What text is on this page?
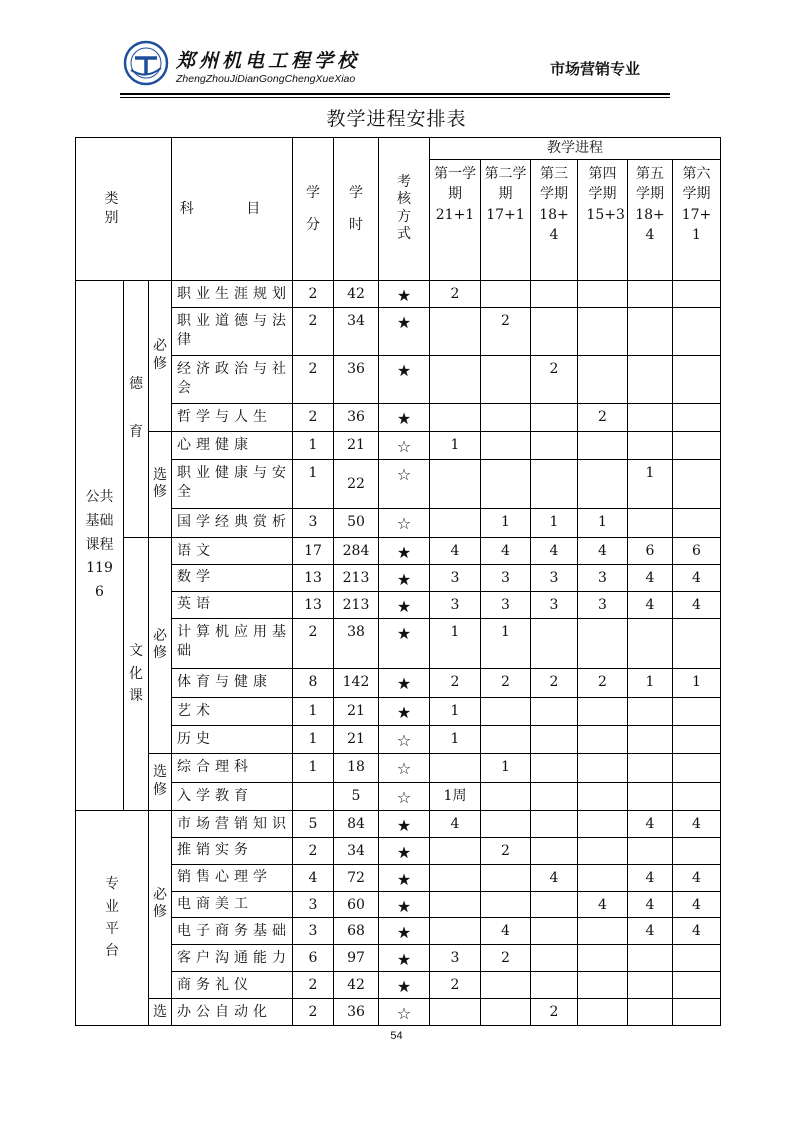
郑州机电工程学校
ZhengZhouJiDianGongChengXueXiao
市场营销专业
教学进程安排表
类 别			科 目	学分	学时	考核方式	教学进程					
							第一学期21+1	第二学期17+1	第三学期18+4	第四学期15+3	第五学期18+4	第六学期17+1
公共基础课程1196	德育	必修	职业生涯规划	2	42	★	2					
			职业道德与法律	2	34	★		2				
			经济政治与社会	2	36	★			2			
			哲学与人生	2	36	★				2		
		选修	心理健康	1	21	☆	1					
			职业健康与安全	1	22	☆					1	
			国学经典赏析	3	50	☆		1	1	1		
	文化课	必修	语文	17	284	★	4	4	4	4	6	6
			数学	13	213	★	3	3	3	3	4	4
			英语	13	213	★	3	3	3	3	4	4
			计算机应用基础	2	38	★	1	1				
			体育与健康	8	142	★	2	2	2	2	1	1
			艺术	1	21	★	1					
			历史	1	21	☆	1					
		选修	综合理科	1	18	☆		1				
			入学教育		5	☆	1周					
专业平台		必修	市场营销知识	5	84	★	4				4	4
			推销实务	2	34	★		2				
			销售心理学	4	72	★			4		4	4
			电商美工	3	60	★				4	4	4
			电子商务基础	3	68	★		4			4	4
			客户沟通能力	6	97	★	3	2				
			商务礼仪	2	42	★	2					
		选	办公自动化	2	36	☆			2			
54
